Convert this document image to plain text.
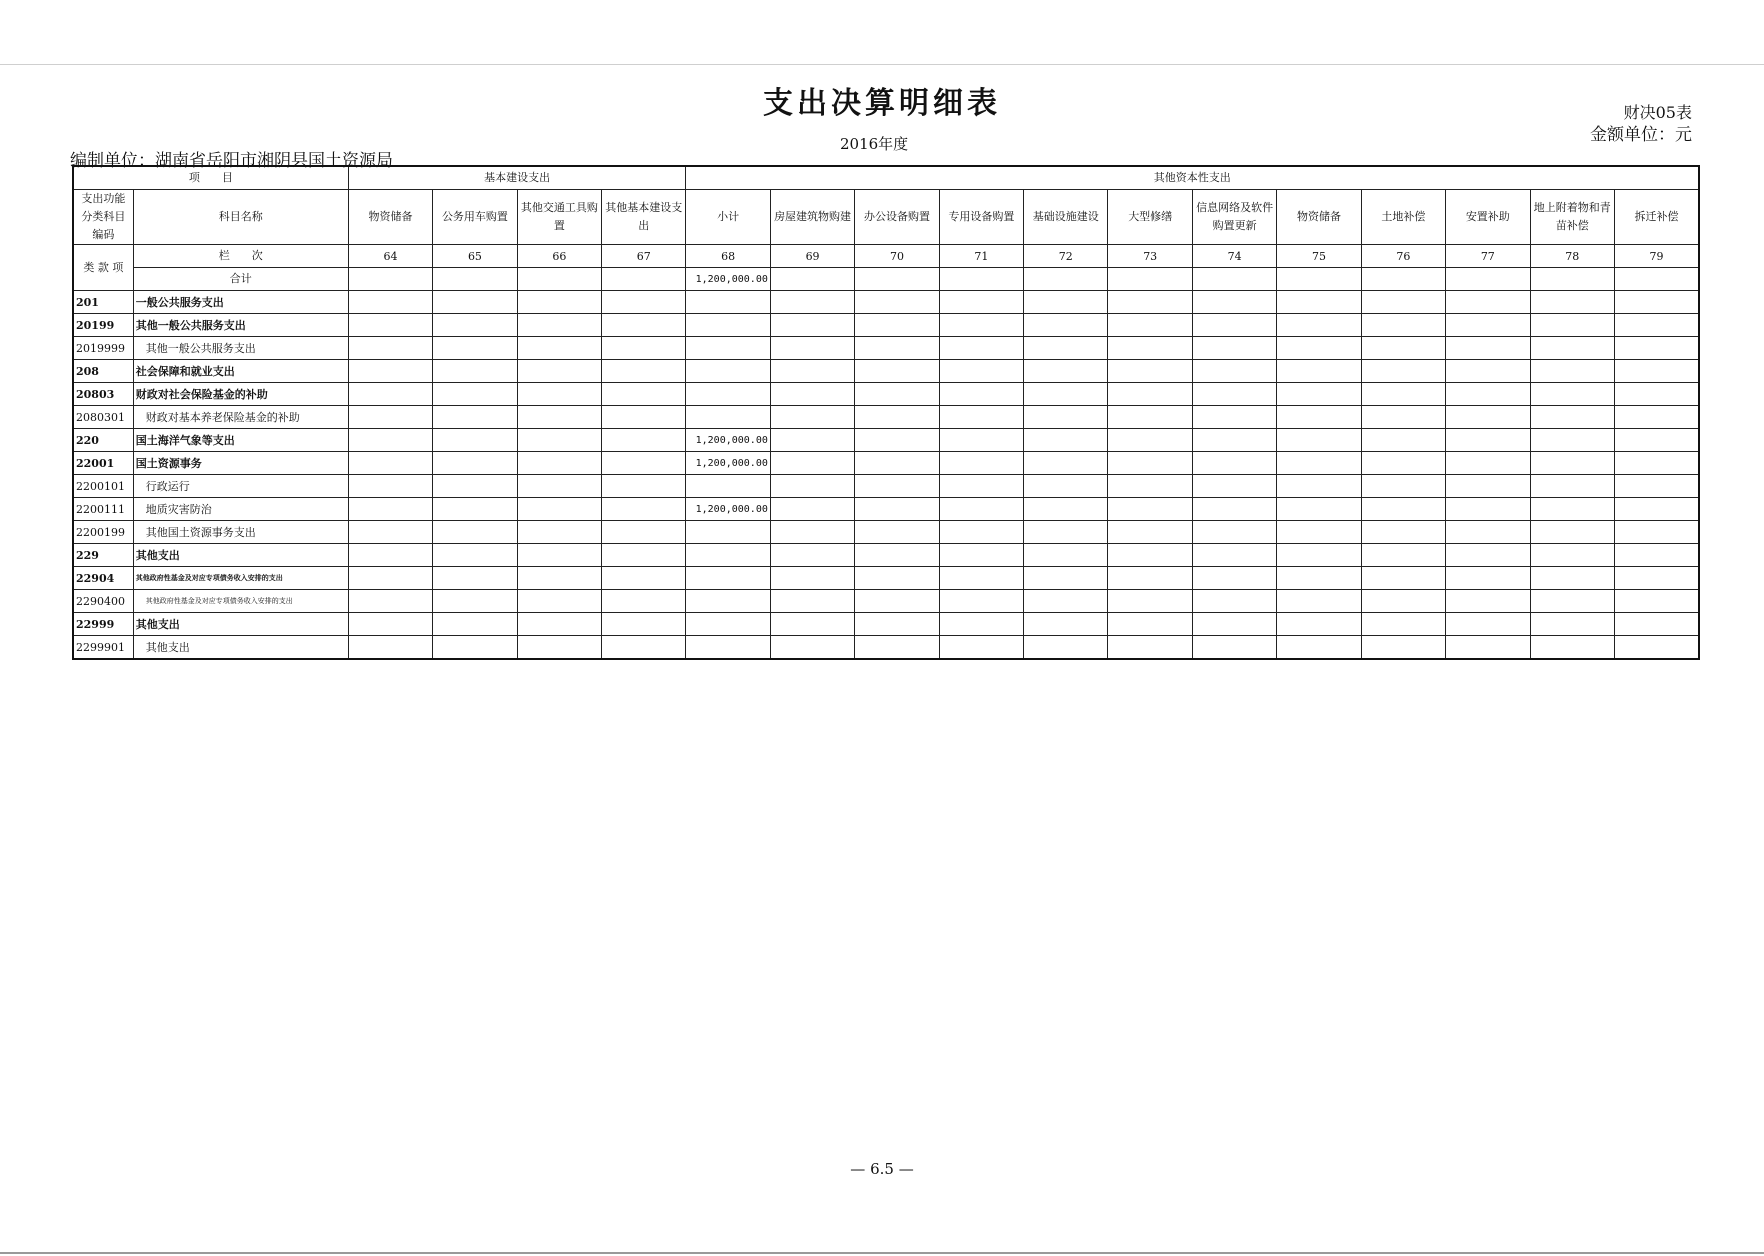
支出决算明细表	财决05表
金额单位：元
编制单位：湖南省岳阳市湘阴县国土资源局
2016年度
项　　目		基本建设支出				其他资本性支出											
支出功能分类科目编码	科目名称	物资储备	公务用车购置	其他交通工具购置	其他基本建设支出	小计	房屋建筑物购建	办公设备购置	专用设备购置	基础设施建设	大型修缮	信息网络及软件购置更新	物资储备	土地补偿	安置补助	地上附着物和青苗补偿	拆迁补偿
类 款 项	栏　　次	64	65	66	67	68	69	70	71	72	73	74	75	76	77	78	79
	合计					1,200,000.00											
201	一般公共服务支出																
20199	其他一般公共服务支出																
2019999	其他一般公共服务支出																
208	社会保障和就业支出																
20803	财政对社会保险基金的补助																
2080301	财政对基本养老保险基金的补助																
220	国土海洋气象等支出					1,200,000.00											
22001	国土资源事务					1,200,000.00											
2200101	行政运行																
2200111	地质灾害防治					1,200,000.00											
2200199	其他国土资源事务支出																
229	其他支出																
22904	其他政府性基金及对应专项债务收入安排的支出																
2290400	其他政府性基金及对应专项债务收入安排的支出																
22999	其他支出																
2299901	其他支出																
— 6.5 —
